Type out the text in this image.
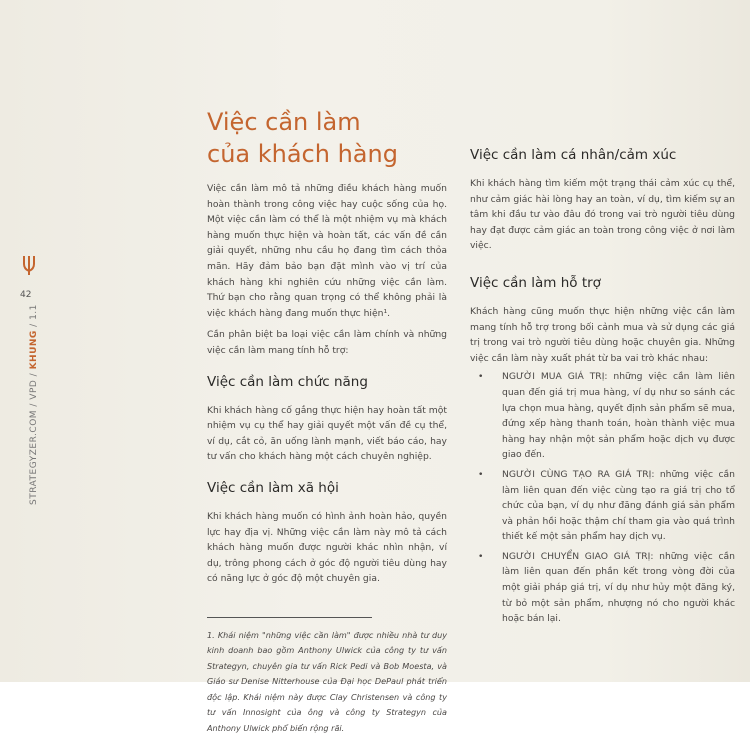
42
STRATEGYZER.COM / VPD / KHUNG / 1.1
Việc cần làm
của khách hàng

Việc cần làm mô tả những điều khách hàng muốn hoàn thành trong công việc hay cuộc sống của họ. Một việc cần làm có thể là một nhiệm vụ mà khách hàng muốn thực hiện và hoàn tất, các vấn đề cần giải quyết, những nhu cầu họ đang tìm cách thỏa mãn. Hãy đảm bảo bạn đặt mình vào vị trí của khách hàng khi nghiên cứu những việc cần làm. Thứ bạn cho rằng quan trọng có thể không phải là việc khách hàng đang muốn thực hiện¹.

Cần phân biệt ba loại việc cần làm chính và những việc cần làm mang tính hỗ trợ:

Việc cần làm chức năng

Khi khách hàng cố gắng thực hiện hay hoàn tất một nhiệm vụ cụ thể hay giải quyết một vấn đề cụ thể, ví dụ, cắt cỏ, ăn uống lành mạnh, viết báo cáo, hay tư vấn cho khách hàng một cách chuyên nghiệp.

Việc cần làm xã hội

Khi khách hàng muốn có hình ảnh hoàn hảo, quyền lực hay địa vị. Những việc cần làm này mô tả cách khách hàng muốn được người khác nhìn nhận, ví dụ, trông phong cách ở góc độ người tiêu dùng hay có năng lực ở góc độ một chuyên gia.

1. Khái niệm "những việc cần làm" được nhiều nhà tư duy kinh doanh bao gồm Anthony Ulwick của công ty tư vấn Strategyn, chuyên gia tư vấn Rick Pedi và Bob Moesta, và Giáo sư Denise Nitterhouse của Đại học DePaul phát triển độc lập. Khái niệm này được Clay Christensen và công ty tư vấn Innosight của ông và công ty Strategyn của Anthony Ulwick phổ biến rộng rãi.

Việc cần làm cá nhân/cảm xúc

Khi khách hàng tìm kiếm một trạng thái cảm xúc cụ thể, như cảm giác hài lòng hay an toàn, ví dụ, tìm kiếm sự an tâm khi đầu tư vào đâu đó trong vai trò người tiêu dùng hay đạt được cảm giác an toàn trong công việc ở nơi làm việc.

Việc cần làm hỗ trợ

Khách hàng cũng muốn thực hiện những việc cần làm mang tính hỗ trợ trong bối cảnh mua và sử dụng các giá trị trong vai trò người tiêu dùng hoặc chuyên gia. Những việc cần làm này xuất phát từ ba vai trò khác nhau:

• NGƯỜI MUA GIÁ TRỊ: những việc cần làm liên quan đến giá trị mua hàng, ví dụ như so sánh các lựa chọn mua hàng, quyết định sản phẩm sẽ mua, đứng xếp hàng thanh toán, hoàn thành việc mua hàng hay nhận một sản phẩm hoặc dịch vụ được giao đến.
• NGƯỜI CÙNG TẠO RA GIÁ TRỊ: những việc cần làm liên quan đến việc cùng tạo ra giá trị cho tổ chức của bạn, ví dụ như đăng đánh giá sản phẩm và phản hồi hoặc thậm chí tham gia vào quá trình thiết kế một sản phẩm hay dịch vụ.
• NGƯỜI CHUYỂN GIAO GIÁ TRỊ: những việc cần làm liên quan đến phần kết trong vòng đời của một giải pháp giá trị, ví dụ như hủy một đăng ký, từ bỏ một sản phẩm, nhượng nó cho người khác hoặc bán lại.
